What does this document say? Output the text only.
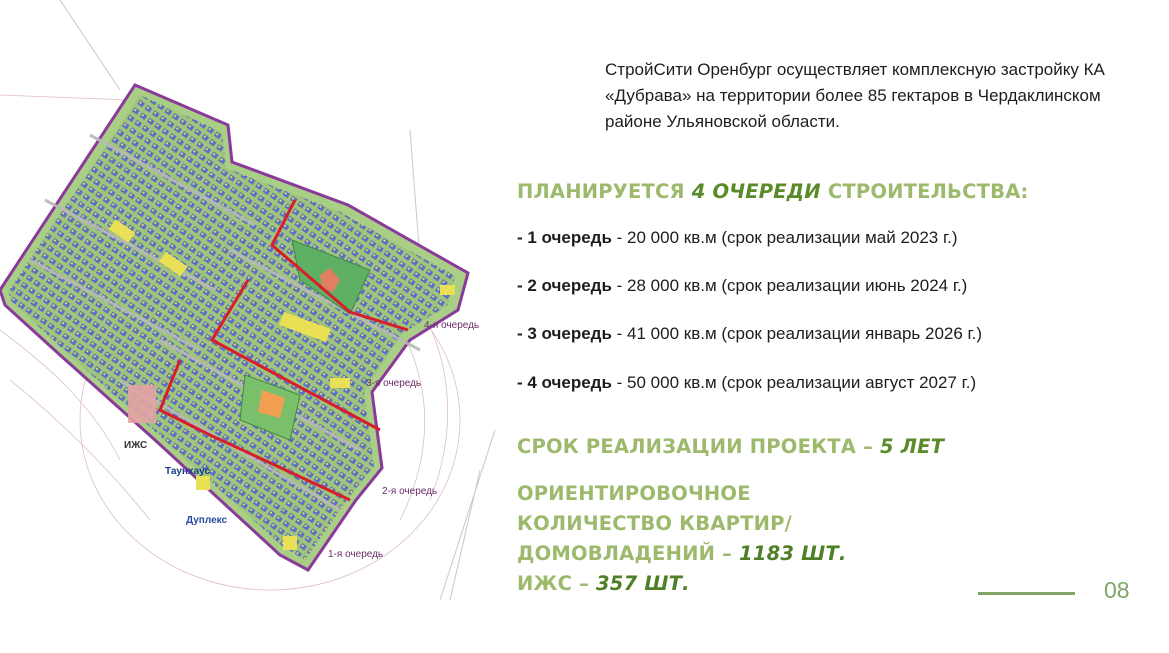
4-я очередь
3-я очередь
2-я очередь
1-я очередь
ИЖС
Таунхаус
Дуплекс
СтройСити Оренбург осуществляет комплексную застройку КА «Дубрава» на территории более 85 гектаров в Чердаклинском районе Ульяновской области.
ПЛАНИРУЕТСЯ 4 ОЧЕРЕДИ СТРОИТЕЛЬСТВА:
- 1 очередь - 20 000 кв.м (срок реализации май 2023 г.)
- 2 очередь - 28 000 кв.м (срок реализации июнь 2024 г.)
- 3 очередь - 41 000 кв.м (срок реализации январь 2026 г.)
- 4 очередь - 50 000 кв.м (срок реализации август 2027 г.)
СРОК РЕАЛИЗАЦИИ ПРОЕКТА – 5 ЛЕТ
ОРИЕНТИРОВОЧНОЕ
КОЛИЧЕСТВО КВАРТИР/
ДОМОВЛАДЕНИЙ – 1183 ШТ.
ИЖС – 357 ШТ.	08
